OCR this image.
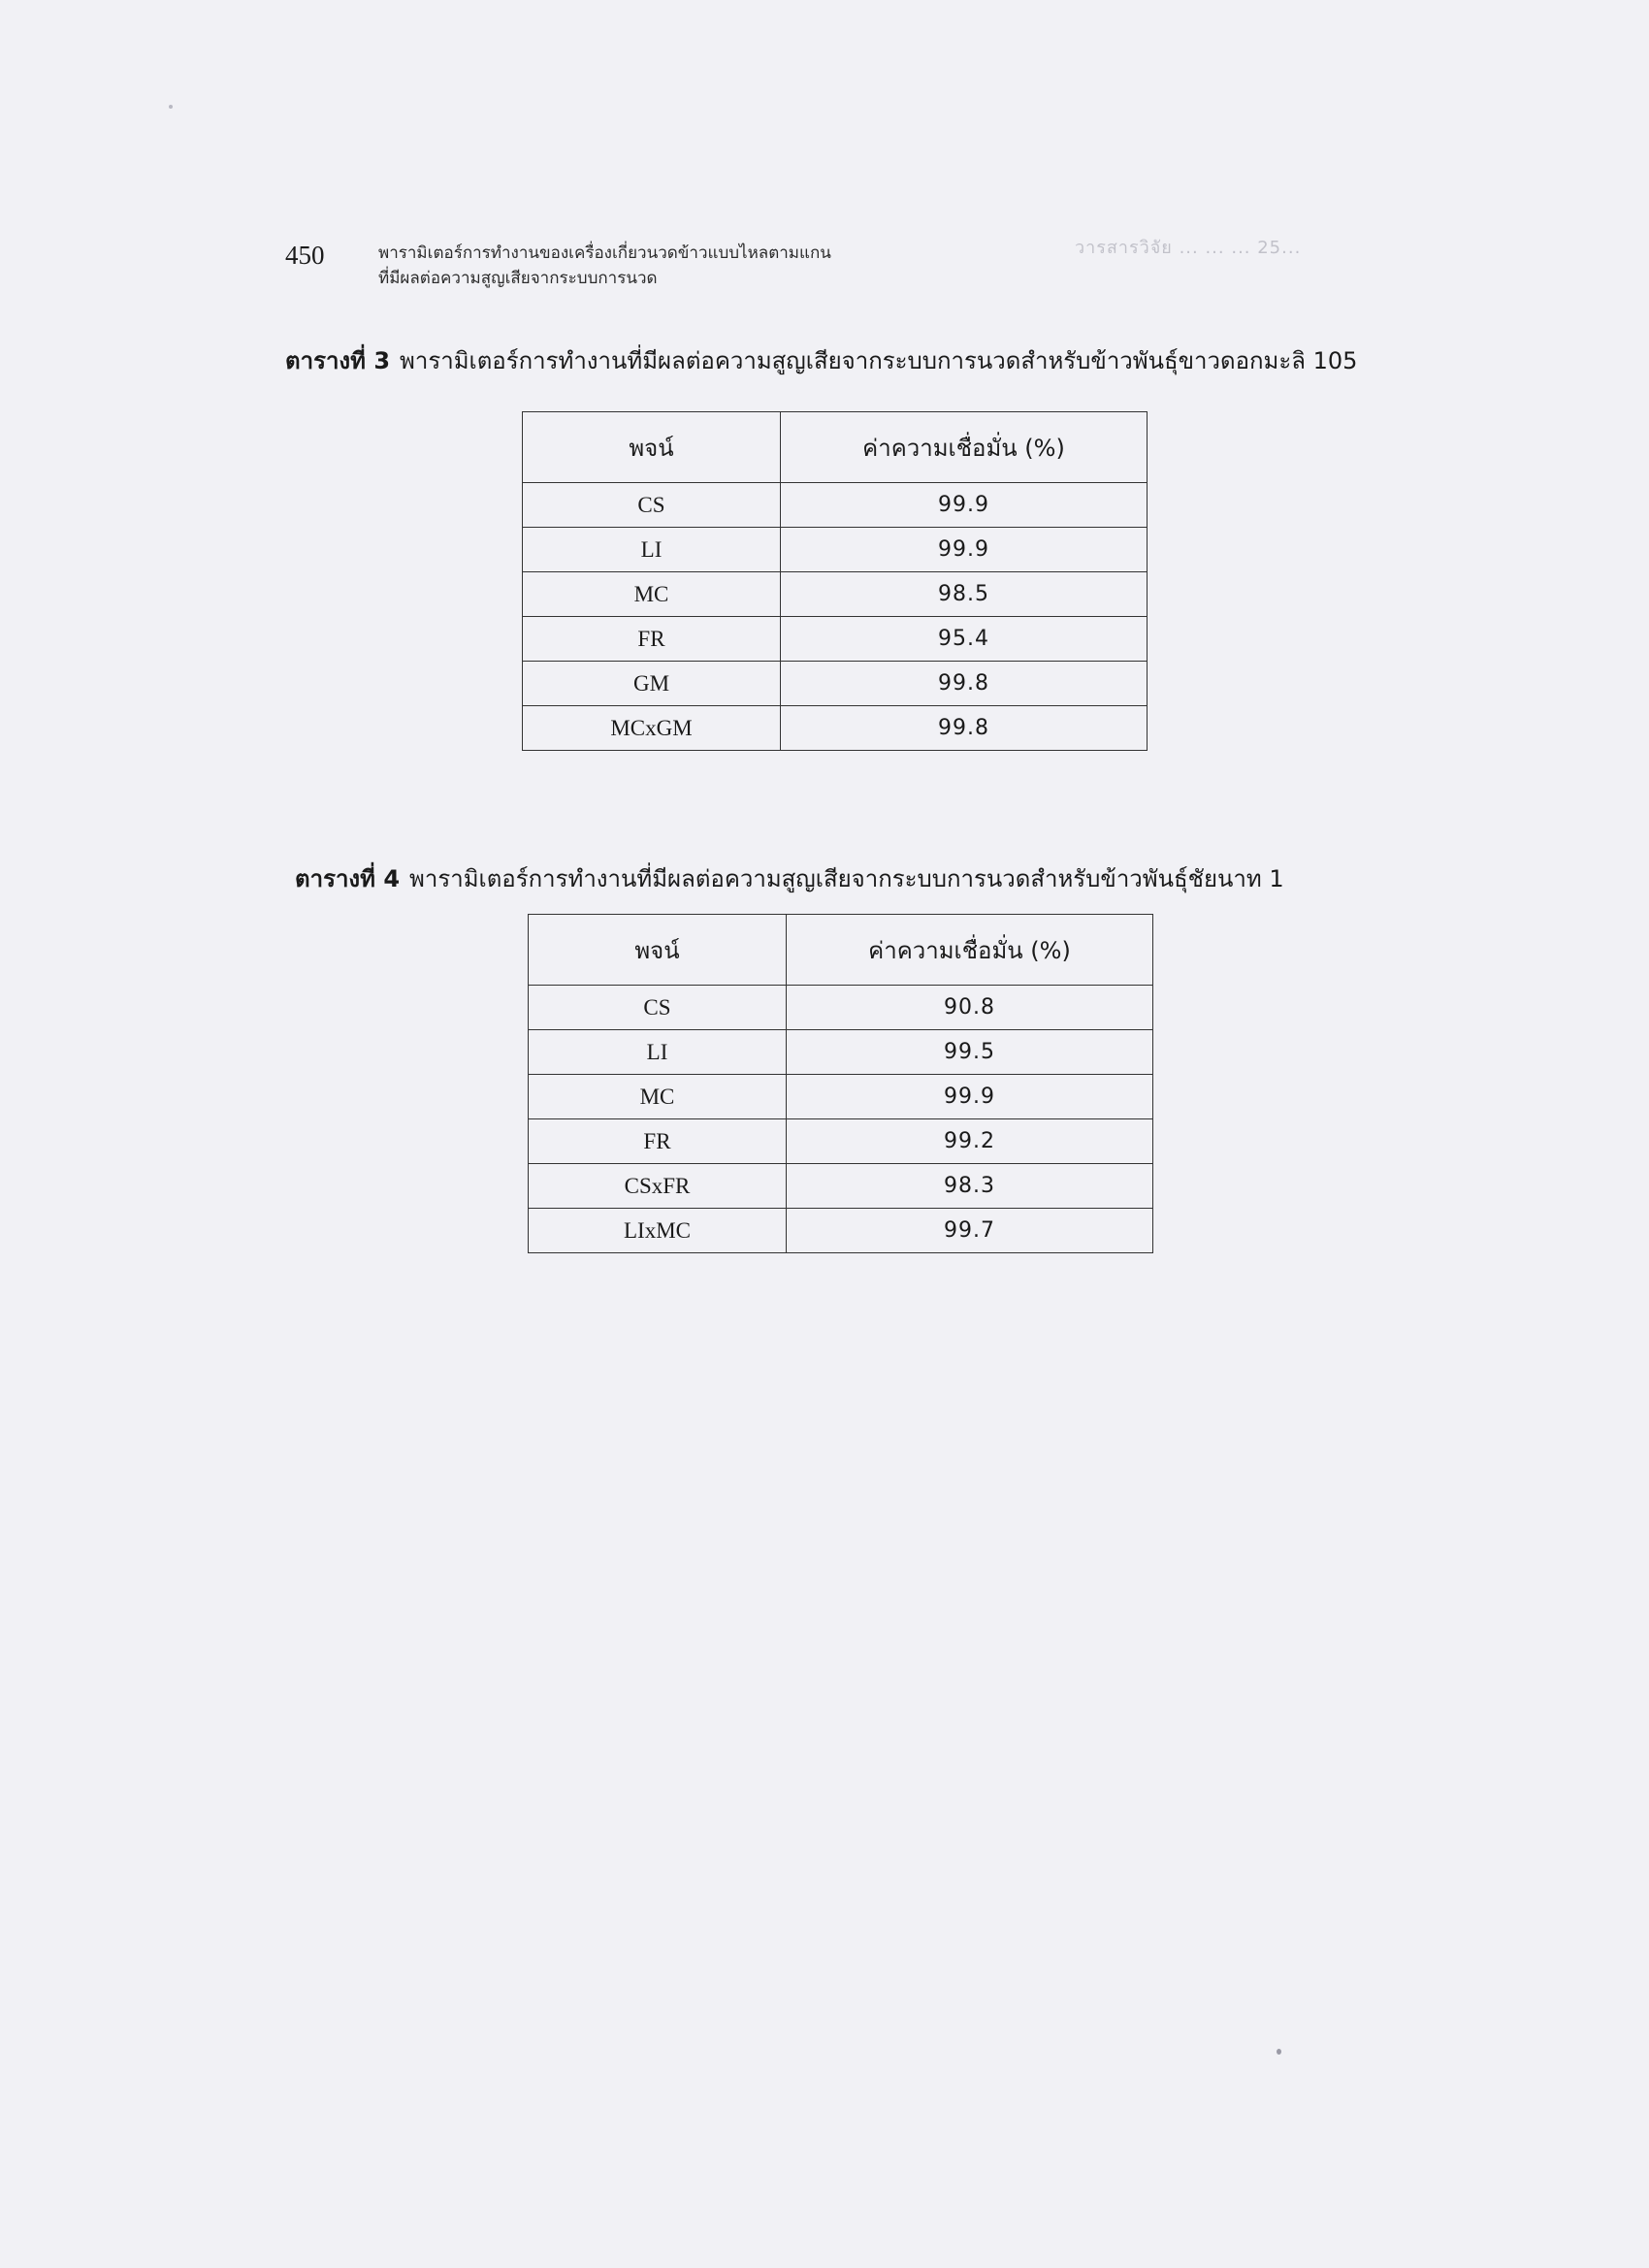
450	พารามิเตอร์การทำงานของเครื่องเกี่ยวนวดข้าวแบบไหลตามแกน
ที่มีผลต่อความสูญเสียจากระบบการนวด
วารสารวิจัย ... ... ... 25...
ตารางที่ 3 พารามิเตอร์การทำงานที่มีผลต่อความสูญเสียจากระบบการนวดสำหรับข้าวพันธุ์ขาวดอกมะลิ 105
พจน์	ค่าความเชื่อมั่น (%)
CS	99.9
LI	99.9
MC	98.5
FR	95.4
GM	99.8
MCxGM	99.8
ตารางที่ 4 พารามิเตอร์การทำงานที่มีผลต่อความสูญเสียจากระบบการนวดสำหรับข้าวพันธุ์ชัยนาท 1
พจน์	ค่าความเชื่อมั่น (%)
CS	90.8
LI	99.5
MC	99.9
FR	99.2
CSxFR	98.3
LIxMC	99.7
